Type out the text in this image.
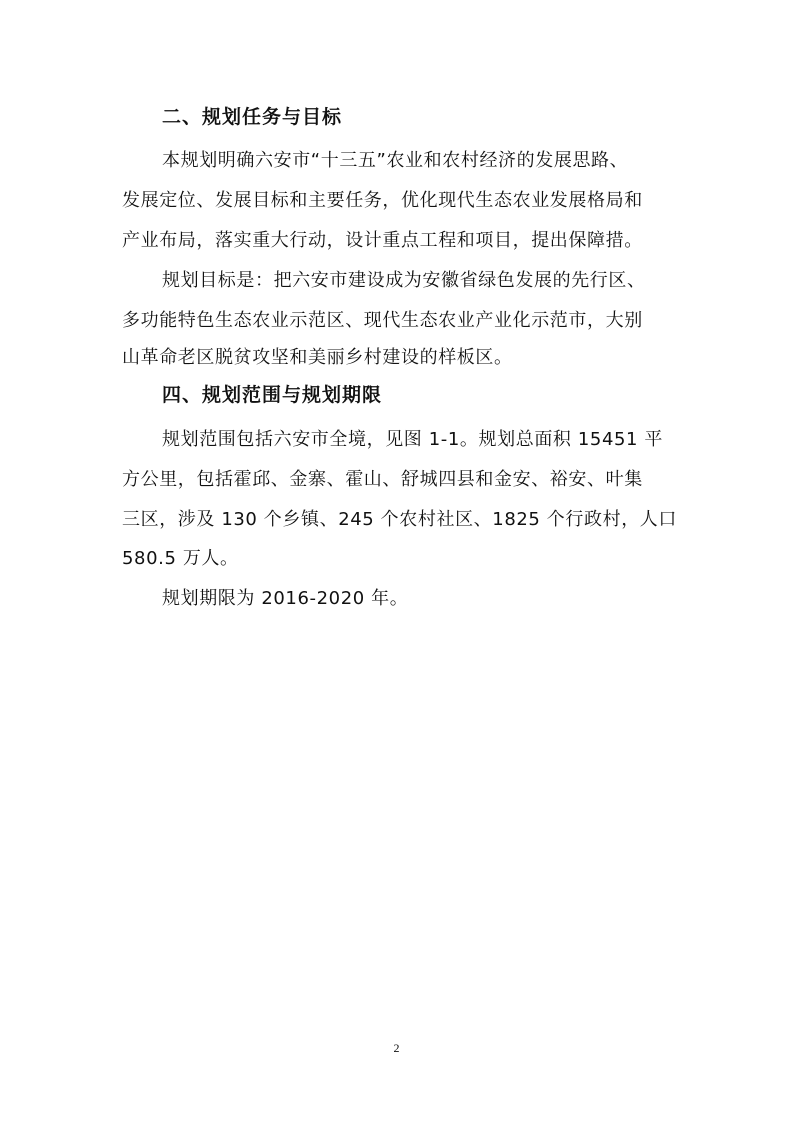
二、规划任务与目标
本规划明确六安市“十三五”农业和农村经济的发展思路、
发展定位、发展目标和主要任务，优化现代生态农业发展格局和
产业布局，落实重大行动，设计重点工程和项目，提出保障措。
规划目标是：把六安市建设成为安徽省绿色发展的先行区、
多功能特色生态农业示范区、现代生态农业产业化示范市，大别
山革命老区脱贫攻坚和美丽乡村建设的样板区。
四、规划范围与规划期限
规划范围包括六安市全境，见图 1-1。规划总面积 15451 平
方公里，包括霍邱、金寨、霍山、舒城四县和金安、裕安、叶集
三区，涉及 130 个乡镇、245 个农村社区、1825 个行政村，人口
580.5 万人。
规划期限为 2016-2020 年。
2
